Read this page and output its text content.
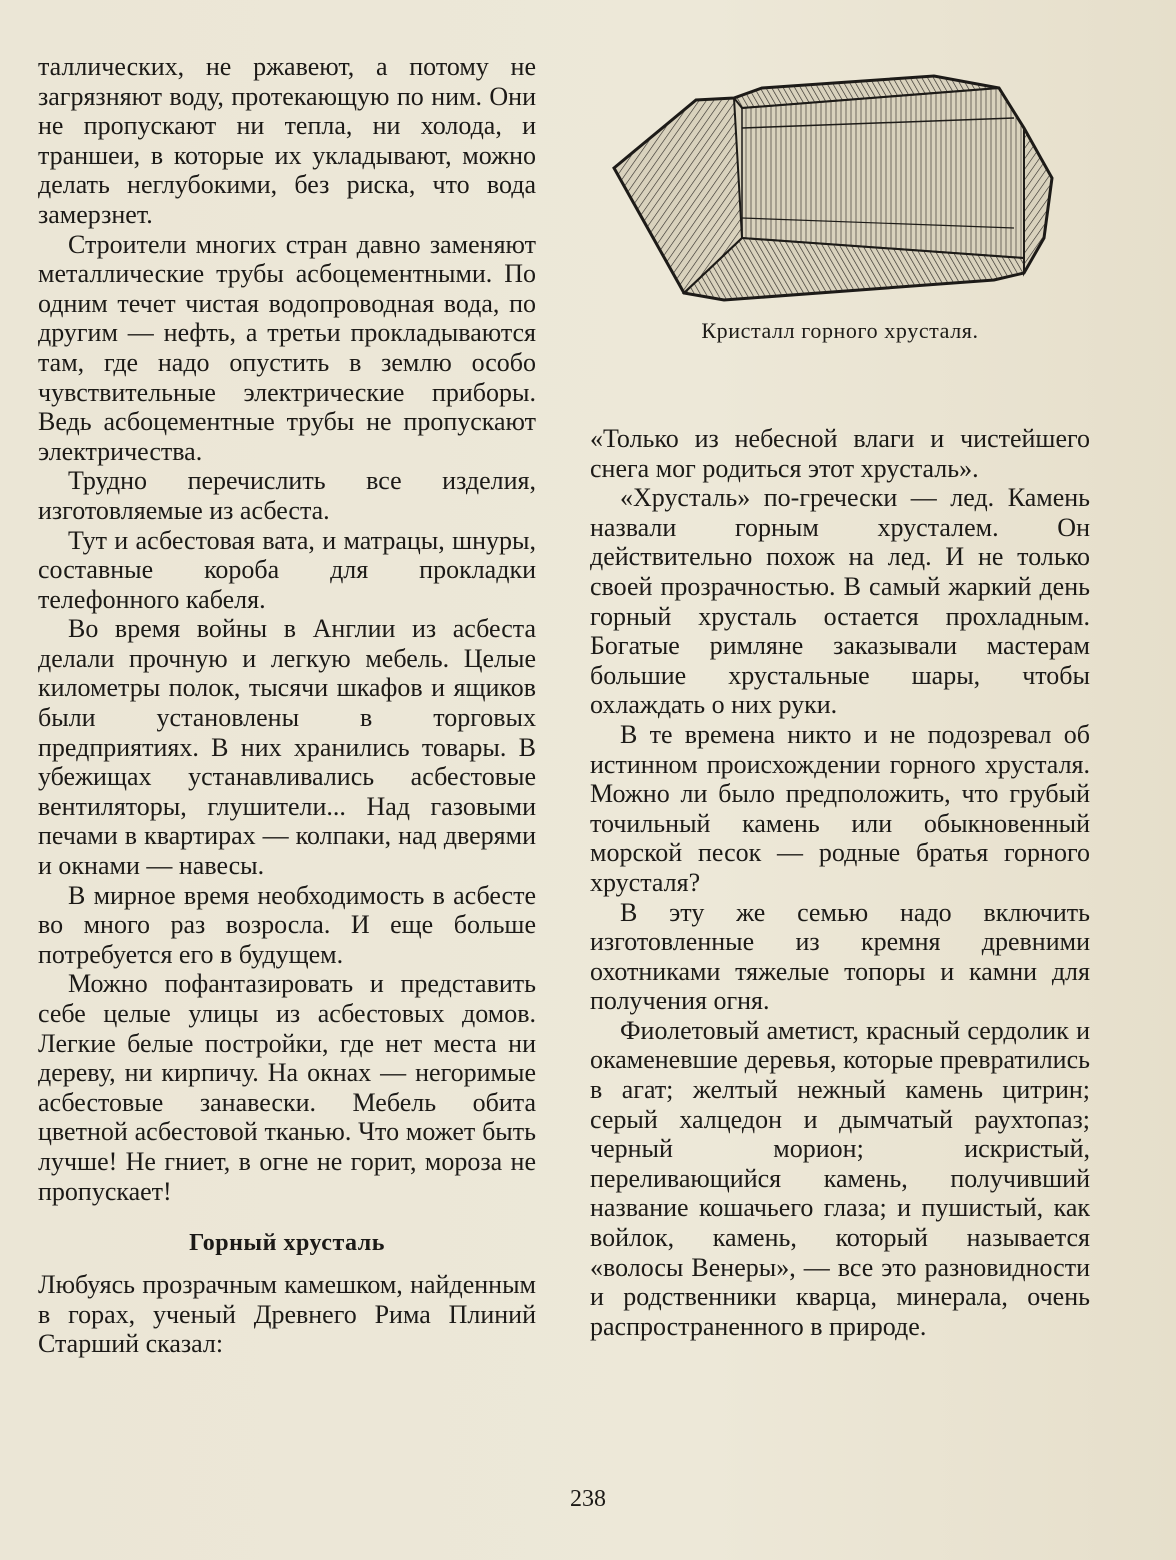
таллических, не ржавеют, а потому не загрязняют воду, протекающую по ним. Они не пропускают ни тепла, ни холода, и траншеи, в которые их укладывают, можно делать неглубокими, без риска, что вода замерзнет.

Строители многих стран давно заменяют металлические трубы асбоцементными. По одним течет чистая водопроводная вода, по другим — нефть, а третьи прокладываются там, где надо опустить в землю особо чувствительные электрические приборы. Ведь асбоцементные трубы не пропускают электричества.

Трудно перечислить все изделия, изготовляемые из асбеста.

Тут и асбестовая вата, и матрацы, шнуры, составные короба для прокладки телефонного кабеля.

Во время войны в Англии из асбеста делали прочную и легкую мебель. Целые километры полок, тысячи шкафов и ящиков были установлены в торговых предприятиях. В них хранились товары. В убежищах устанавливались асбестовые вентиляторы, глушители... Над газовыми печами в квартирах — колпаки, над дверями и окнами — навесы.

В мирное время необходимость в асбесте во много раз возросла. И еще больше потребуется его в будущем.

Можно пофантазировать и представить себе целые улицы из асбестовых домов. Легкие белые постройки, где нет места ни дереву, ни кирпичу. На окнах — негоримые асбестовые занавески. Мебель обита цветной асбестовой тканью. Что может быть лучше! Не гниет, в огне не горит, мороза не пропускает!

Горный хрусталь

Любуясь прозрачным камешком, найденным в горах, ученый Древнего Рима Плиний Старший сказал:

Кристалл горного хрусталя.

«Только из небесной влаги и чистейшего снега мог родиться этот хрусталь».

«Хрусталь» по-гречески — лед. Камень назвали горным хрусталем. Он действительно похож на лед. И не только своей прозрачностью. В самый жаркий день горный хрусталь остается прохладным. Богатые римляне заказывали мастерам большие хрустальные шары, чтобы охлаждать о них руки.

В те времена никто и не подозревал об истинном происхождении горного хрусталя. Можно ли было предположить, что грубый точильный камень или обыкновенный морской песок — родные братья горного хрусталя?

В эту же семью надо включить изготовленные из кремня древними охотниками тяжелые топоры и камни для получения огня.

Фиолетовый аметист, красный сердолик и окаменевшие деревья, которые превратились в агат; желтый нежный камень цитрин; серый халцедон и дымчатый раухтопаз; черный морион; искристый, переливающийся камень, получивший название кошачьего глаза; и пушистый, как войлок, камень, который называется «волосы Венеры», — все это разновидности и родственники кварца, минерала, очень распространенного в природе.

238
